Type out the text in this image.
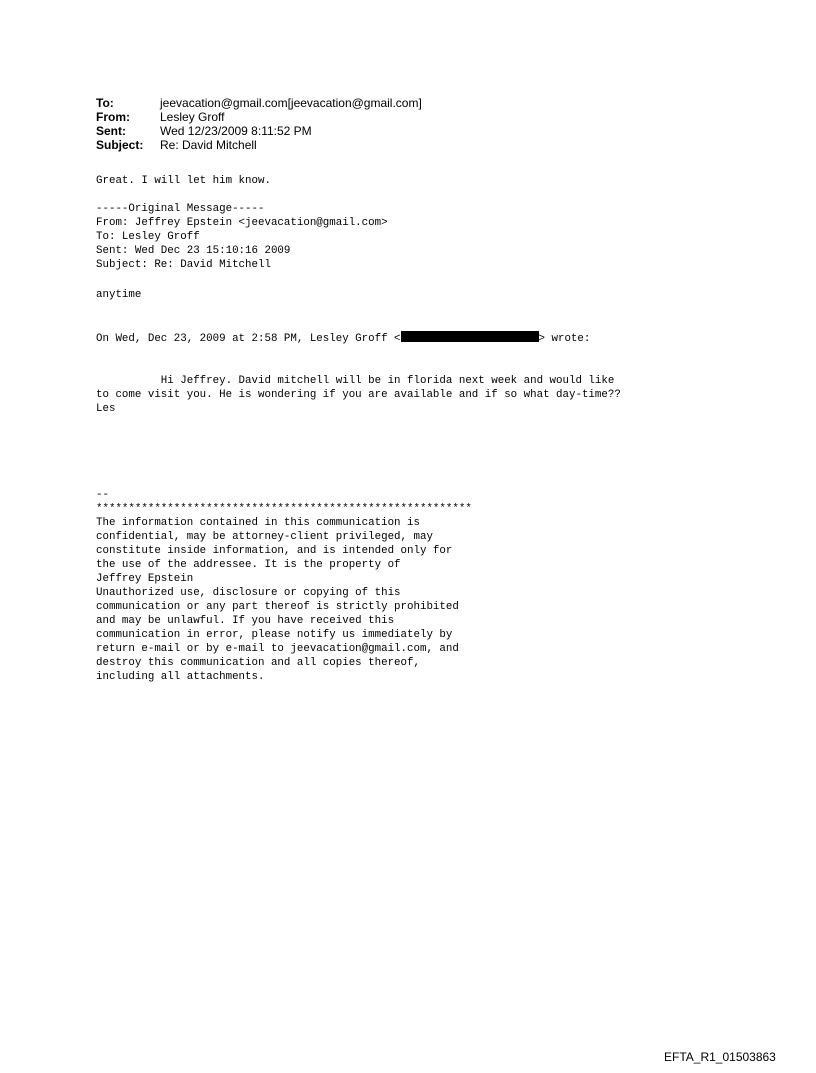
To:	jeevacation@gmail.com[jeevacation@gmail.com]
From:	Lesley Groff
Sent:	Wed 12/23/2009 8:11:52 PM
Subject:	Re: David Mitchell
Great. I will let him know.
-----Original Message-----
From: Jeffrey Epstein <jeevacation@gmail.com>
To: Lesley Groff
Sent: Wed Dec 23 15:10:16 2009
Subject: Re: David Mitchell
anytime
On Wed, Dec 23, 2009 at 2:58 PM, Lesley Groff <	> wrote:
Hi Jeffrey. David mitchell will be in florida next week and would like
to come visit you. He is wondering if you are available and if so what day-time??
Les
--
**********************************************************
The information contained in this communication is
confidential, may be attorney-client privileged, may
constitute inside information, and is intended only for
the use of the addressee. It is the property of
Jeffrey Epstein
Unauthorized use, disclosure or copying of this
communication or any part thereof is strictly prohibited
and may be unlawful. If you have received this
communication in error, please notify us immediately by
return e-mail or by e-mail to jeevacation@gmail.com, and
destroy this communication and all copies thereof,
including all attachments.
EFTA_R1_01503863
